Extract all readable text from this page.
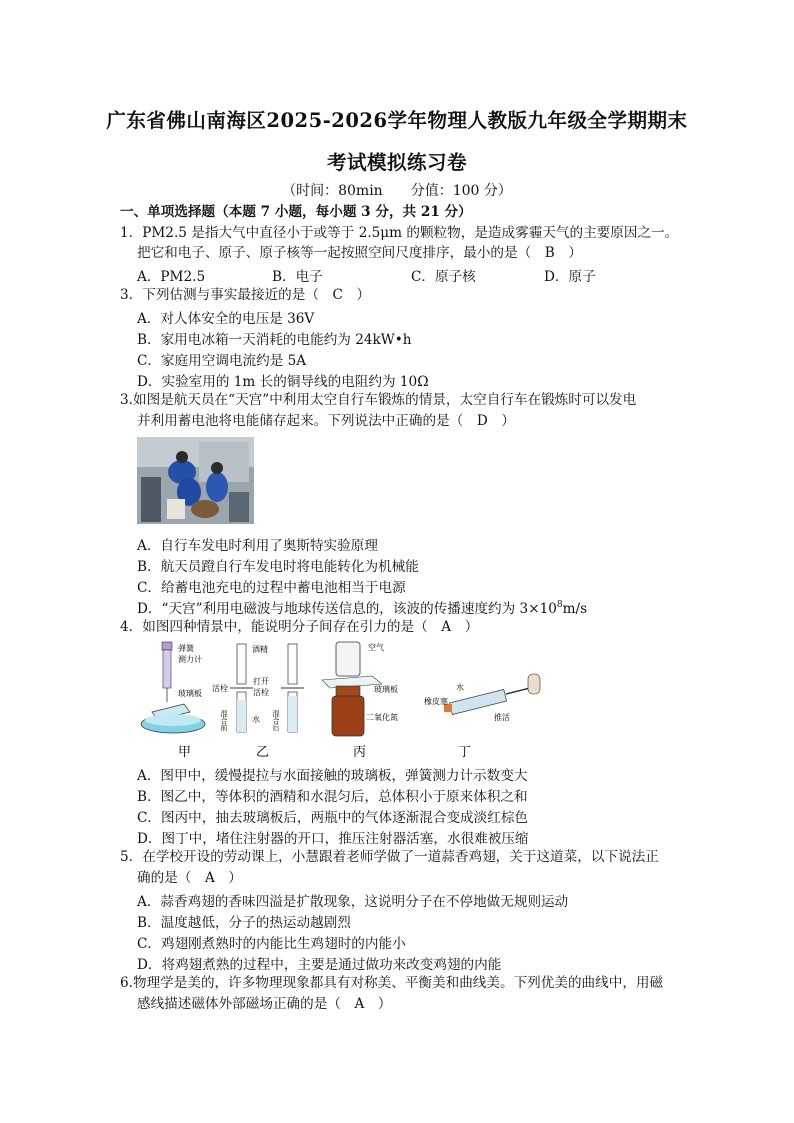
广东省佛山南海区2025-2026学年物理人教版九年级全学期期末
考试模拟练习卷
（时间：80min　　分值：100 分）
一、单项选择题（本题 7 小题，每小题 3 分，共 21 分）
1．PM2.5 是指大气中直径小于或等于 2.5μm 的颗粒物，是造成雾霾天气的主要原因之一。
把它和电子、原子、原子核等一起按照空间尺度排序，最小的是（　B　）
A．PM2.5	B．电子	C．原子核	D．原子
3．下列估测与事实最接近的是（　C　）
A．对人体安全的电压是 36V
B．家用电冰箱一天消耗的电能约为 24kW•h
C．家庭用空调电流约是 5A
D．实验室用的 1m 长的铜导线的电阻约为 10Ω
3.如图是航天员在“天宫”中利用太空自行车锻炼的情景，太空自行车在锻炼时可以发电
并利用蓄电池将电能储存起来。下列说法中正确的是（　D　）
A．自行车发电时利用了奥斯特实验原理
B．航天员蹬自行车发电时将电能转化为机械能
C．给蓄电池充电的过程中蓄电池相当于电源
D．“天宫”利用电磁波与地球传送信息的，该波的传播速度约为 $3\times 10^8m/s$
4．如图四种情景中，能说明分子间存在引力的是（　A　）
弹簧
测力计
玻璃板
酒精
活栓
打开
活栓
水
混合前	混合后
空气
玻璃板
二氧化氮
水
橡皮塞
推活
甲	乙	丙	丁
A．图甲中，缓慢提拉与水面接触的玻璃板，弹簧测力计示数变大
B．图乙中，等体积的酒精和水混匀后，总体积小于原来体积之和
C．图丙中，抽去玻璃板后，两瓶中的气体逐渐混合变成淡红棕色
D．图丁中，堵住注射器的开口，推压注射器活塞，水很难被压缩
5．在学校开设的劳动课上，小慧跟着老师学做了一道蒜香鸡翅，关于这道菜，以下说法正
确的是（　A　）
A．蒜香鸡翅的香味四溢是扩散现象，这说明分子在不停地做无规则运动
B．温度越低，分子的热运动越剧烈
C．鸡翅刚煮熟时的内能比生鸡翅时的内能小
D．将鸡翅煮熟的过程中，主要是通过做功来改变鸡翅的内能
6.物理学是美的，许多物理现象都具有对称美、平衡美和曲线美。下列优美的曲线中，用磁
感线描述磁体外部磁场正确的是（　A　）
